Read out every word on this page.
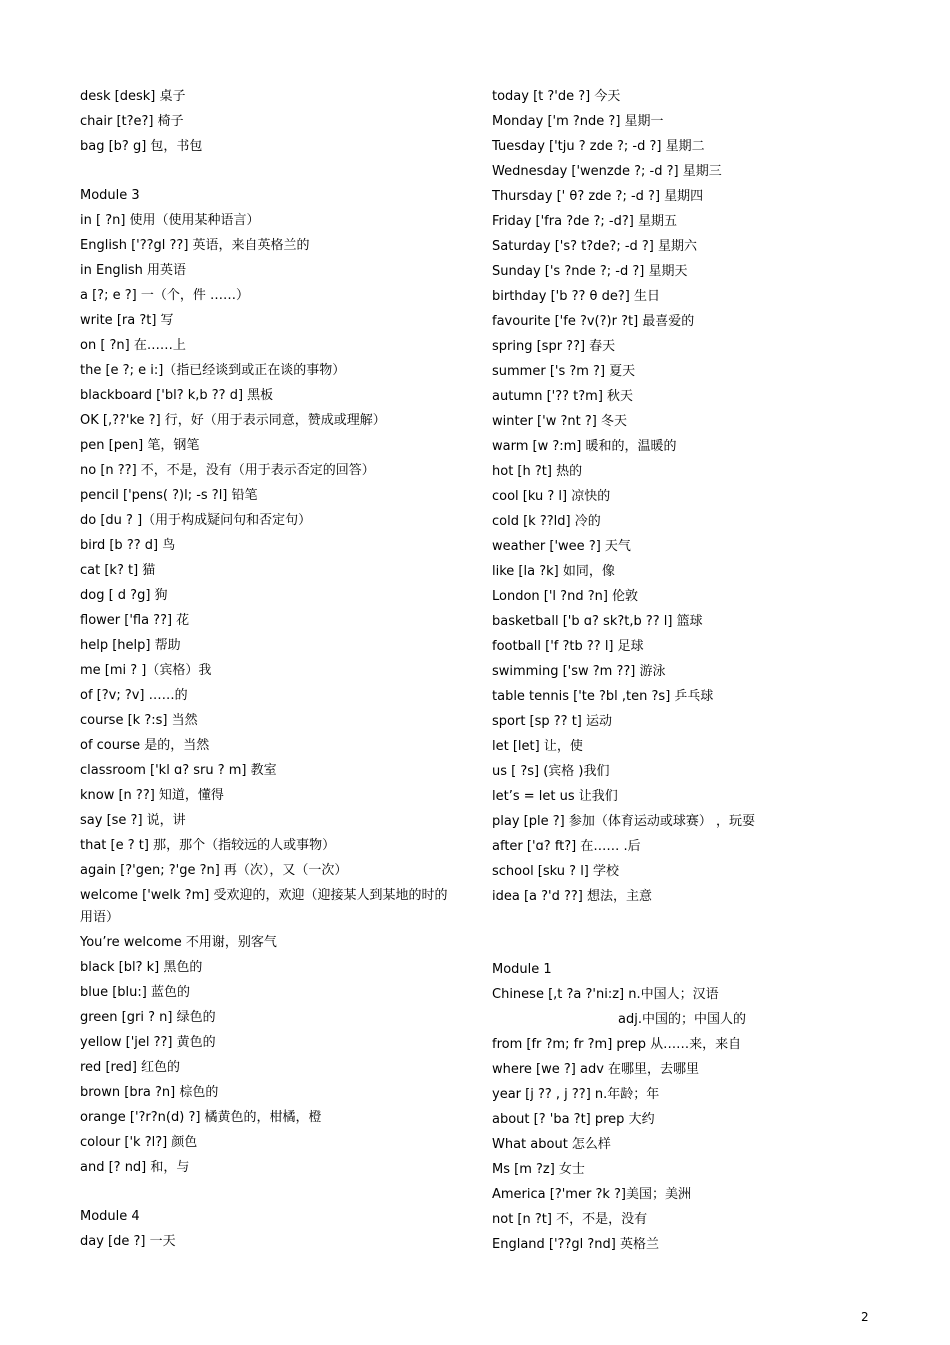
desk [desk] 桌子
chair [t?e?] 椅子
bag [b? g] 包，书包
Module 3
in [ ?n] 使用（使用某种语言）
English ['??gl ??] 英语，来自英格兰的
in English 用英语
a [?; e ?] 一（个，件 ……）
write [ra ?t] 写
on [ ?n] 在……上
the [e ?; e i:]（指已经谈到或正在谈的事物）
blackboard ['bl? k,b ?? d] 黑板
OK [,??'ke ?] 行，好（用于表示同意，赞成或理解）
pen [pen] 笔，钢笔
no [n ??] 不，不是，没有（用于表示否定的回答）
pencil ['pens( ?)l; -s ?l] 铅笔
do [du ? ]（用于构成疑问句和否定句）
bird [b ?? d] 鸟
cat [k? t] 猫
dog [ d ?g] 狗
flower ['fla ??] 花
help [help] 帮助
me [mi ? ]（宾格）我
of [?v; ?v] ……的
course [k ?:s] 当然
of course 是的，当然
classroom ['kl ɑ? sru ? m] 教室
know [n ??] 知道，懂得
say [se ?] 说，讲
that [e ? t] 那，那个（指较远的人或事物）
again [?'gen; ?'ge ?n] 再（次），又（一次）
welcome ['welk ?m] 受欢迎的，欢迎（迎接某人到某地的时的用语）
You’re welcome 不用谢，别客气
black [bl? k] 黑色的
blue [blu:] 蓝色的
green [gri ? n] 绿色的
yellow ['jel ??] 黄色的
red [red] 红色的
brown [bra ?n] 棕色的
orange ['?r?n(d) ?] 橘黄色的，柑橘，橙
colour ['k ?l?] 颜色
and [? nd] 和，与
Module 4
day [de ?] 一天
today [t ?'de ?] 今天
Monday ['m ?nde ?] 星期一
Tuesday ['tju ? zde ?; -d ?] 星期二
Wednesday ['wenzde ?; -d ?] 星期三
Thursday [' θ? zde ?; -d ?] 星期四
Friday ['fra ?de ?; -d?] 星期五
Saturday ['s? t?de?; -d ?] 星期六
Sunday ['s ?nde ?; -d ?] 星期天
birthday ['b ?? θ de?] 生日
favourite ['fe ?v(?)r ?t] 最喜爱的
spring [spr ??] 春天
summer ['s ?m ?] 夏天
autumn ['?? t?m] 秋天
winter ['w ?nt ?] 冬天
warm [w ?:m] 暖和的，温暖的
hot [h ?t] 热的
cool [ku ? l] 凉快的
cold [k ??ld] 冷的
weather ['wee ?] 天气
like [la ?k] 如同，像
London ['l ?nd ?n] 伦敦
basketball ['b ɑ? sk?t,b ?? l] 篮球
football ['f ?tb ?? l] 足球
swimming ['sw ?m ??] 游泳
table tennis ['te ?bl ,ten ?s] 乒乓球
sport [sp ?? t] 运动
let [let] 让，使
us [ ?s] (宾格 )我们
let’s = let us 让我们
play [ple ?] 参加（体育运动或球赛） ，玩耍
after ['ɑ? ft?] 在…… .后
school [sku ? l] 学校
idea [a ?'d ??] 想法，主意
Module 1
Chinese [,t ?a ?'ni:z] n.中国人；汉语
adj.中国的；中国人的
from [fr ?m; fr ?m] prep 从……来，来自
where [we ?] adv 在哪里，去哪里
year [j ?? , j ??] n.年龄；年
about [? 'ba ?t] prep 大约
What about 怎么样
Ms [m ?z] 女士
America [?'mer ?k ?]美国；美洲
not [n ?t] 不，不是，没有
England ['??gl ?nd] 英格兰
2
